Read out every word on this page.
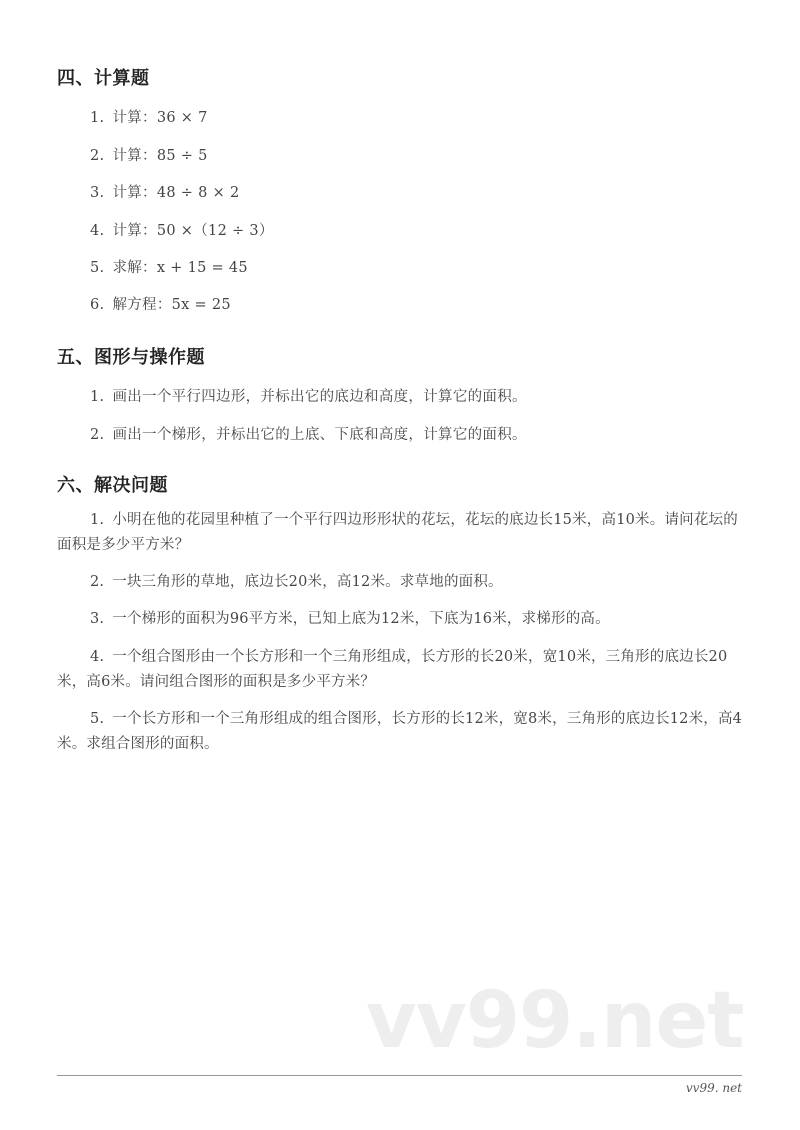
四、计算题
1. 计算：36 × 7
2. 计算：85 ÷ 5
3. 计算：48 ÷ 8 × 2
4. 计算：50 ×（12 ÷ 3）
5. 求解：x + 15 = 45
6. 解方程：5x = 25
五、图形与操作题
1. 画出一个平行四边形，并标出它的底边和高度，计算它的面积。
2. 画出一个梯形，并标出它的上底、下底和高度，计算它的面积。
六、解决问题
1. 小明在他的花园里种植了一个平行四边形形状的花坛，花坛的底边长15米，高10米。请问花坛的面积是多少平方米？
2. 一块三角形的草地，底边长20米，高12米。求草地的面积。
3. 一个梯形的面积为96平方米，已知上底为12米，下底为16米，求梯形的高。
4. 一个组合图形由一个长方形和一个三角形组成，长方形的长20米，宽10米，三角形的底边长20米，高6米。请问组合图形的面积是多少平方米？
5. 一个长方形和一个三角形组成的组合图形，长方形的长12米，宽8米，三角形的底边长12米，高4米。求组合图形的面积。
vv99.net
vv99. net
